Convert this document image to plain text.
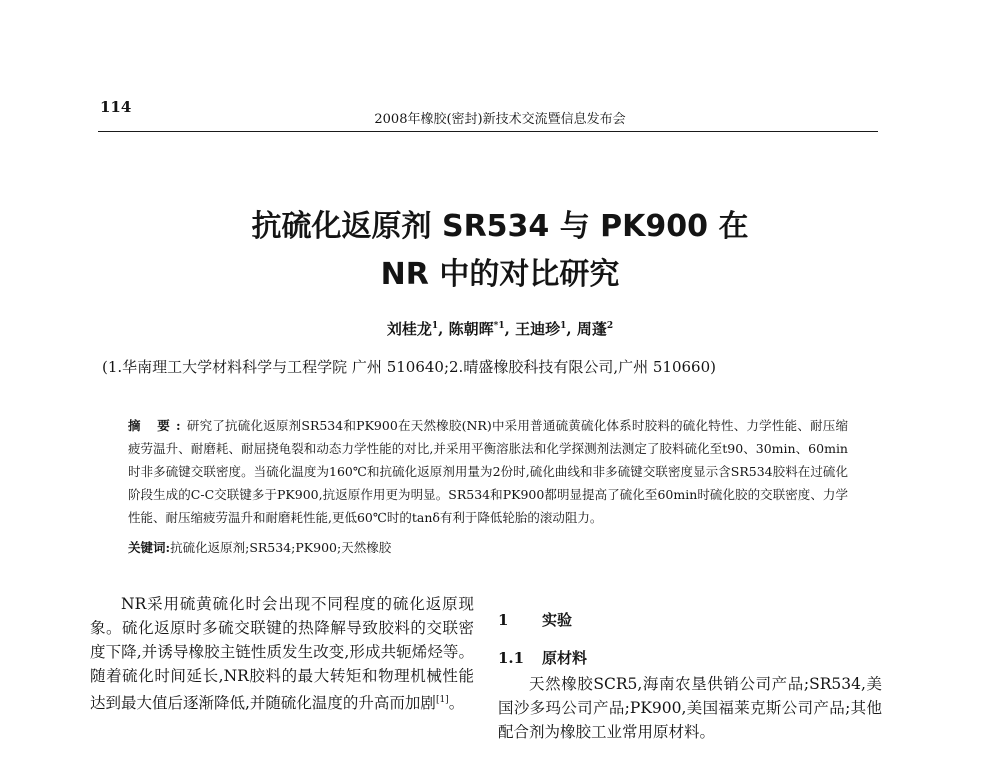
114
2008年橡胶(密封)新技术交流暨信息发布会
抗硫化返原剂 SR534 与 PK900 在
NR 中的对比研究
刘桂龙$^1$, 陈朝晖$^{*1}$, 王迪珍$^1$, 周蓬$^2$
(1.华南理工大学材料科学与工程学院 广州 510640;2.晴盛橡胶科技有限公司,广州 510660)
摘 要:研究了抗硫化返原剂SR534和PK900在天然橡胶(NR)中采用普通硫黄硫化体系时胶料的硫化特性、力学性能、耐压缩疲劳温升、耐磨耗、耐屈挠龟裂和动态力学性能的对比,并采用平衡溶胀法和化学探测剂法测定了胶料硫化至t90、30min、60min时非多硫键交联密度。当硫化温度为160℃和抗硫化返原剂用量为2份时,硫化曲线和非多硫键交联密度显示含SR534胶料在过硫化阶段生成的C-C交联键多于PK900,抗返原作用更为明显。SR534和PK900都明显提高了硫化至60min时硫化胶的交联密度、力学性能、耐压缩疲劳温升和耐磨耗性能,更低60℃时的tanδ有利于降低轮胎的滚动阻力。
关键词:抗硫化返原剂;SR534;PK900;天然橡胶

NR采用硫黄硫化时会出现不同程度的硫化返原现象。硫化返原时多硫交联键的热降解导致胶料的交联密度下降,并诱导橡胶主链性质发生改变,形成共轭烯烃等。随着硫化时间延长,NR胶料的最大转矩和物理机械性能达到最大值后逐渐降低,并随硫化温度的升高而加剧[1]。

1 实验
1.1 原材料
天然橡胶SCR5,海南农垦供销公司产品;SR534,美国沙多玛公司产品;PK900,美国福莱克斯公司产品;其他配合剂为橡胶工业常用原材料。
